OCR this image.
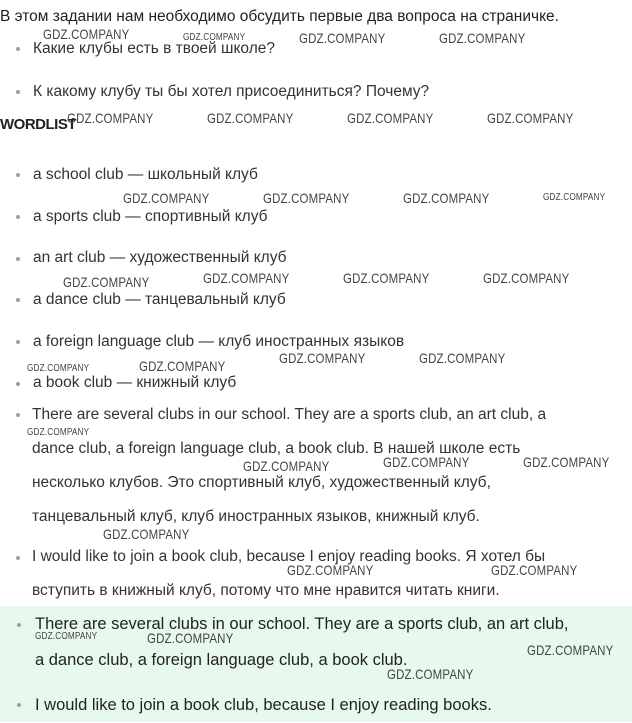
В этом задании нам необходимо обсудить первые два вопроса на страничке.

Какие клубы есть в твоей школе?

К какому клубу ты бы хотел присоединиться? Почему?

WORDLIST

a school club — школьный клуб

a sports club — спортивный клуб

an art club — художественный клуб

a dance club — танцевальный клуб

a foreign language club — клуб иностранных языков

a book club — книжный клуб

There are several clubs in our school. They are a sports club, an art club, a

dance club, a foreign language club, a book club. В нашей школе есть

несколько клубов. Это спортивный клуб, художественный клуб,

танцевальный клуб, клуб иностранных языков, книжный клуб.

I would like to join a book club, because I enjoy reading books. Я хотел бы

вступить в книжный клуб, потому что мне нравится читать книги.

There are several clubs in our school. They are a sports club, an art club,

a dance club, a foreign language club, a book club.

I would like to join a book club, because I enjoy reading books.

GDZ.COMPANY	GDZ.COMPANY	GDZ.COMPANY	GDZ.COMPANY
GDZ.COMPANY	GDZ.COMPANY	GDZ.COMPANY	GDZ.COMPANY
GDZ.COMPANY	GDZ.COMPANY	GDZ.COMPANY	GDZ.COMPANY
GDZ.COMPANY	GDZ.COMPANY	GDZ.COMPANY	GDZ.COMPANY
GDZ.COMPANY	GDZ.COMPANY	GDZ.COMPANY	GDZ.COMPANY
GDZ.COMPANY
GDZ.COMPANY	GDZ.COMPANY	GDZ.COMPANY
GDZ.COMPANY
GDZ.COMPANY	GDZ.COMPANY
GDZ.COMPANY	GDZ.COMPANY
GDZ.COMPANY
GDZ.COMPANY
